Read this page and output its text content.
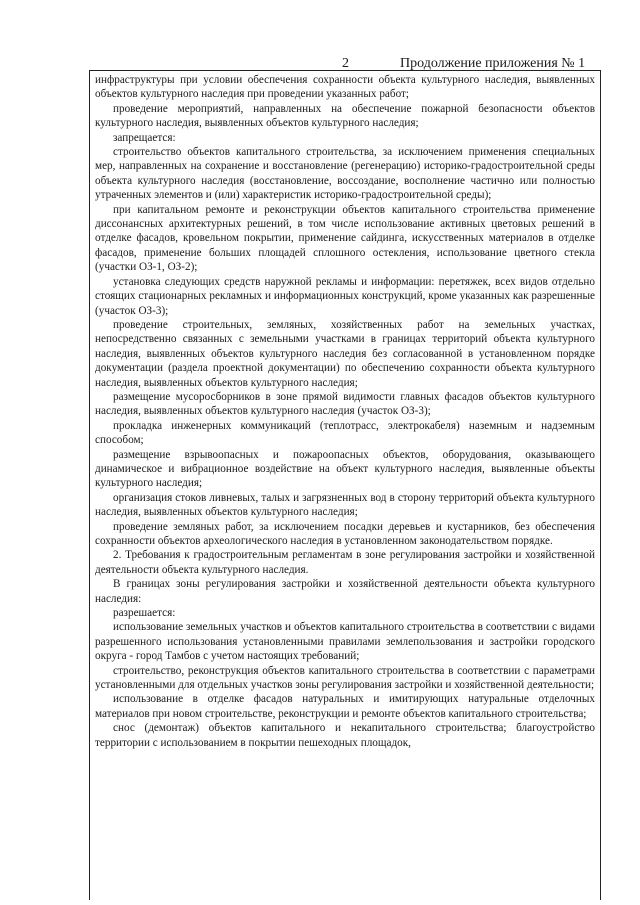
2	Продолжение приложения № 1

инфраструктуры при условии обеспечения сохранности объекта культурного наследия, выявленных объектов культурного наследия при проведении указанных работ;

проведение мероприятий, направленных на обеспечение пожарной безопасности объектов культурного наследия, выявленных объектов культурного наследия;

запрещается:

строительство объектов капитального строительства, за исключением применения специальных мер, направленных на сохранение и восстановление (регенерацию) историко-градостроительной среды объекта культурного наследия (восстановление, воссоздание, восполнение частично или полностью утраченных элементов и (или) характеристик историко-градостроительной среды);

при капитальном ремонте и реконструкции объектов капитального строительства применение диссонансных архитектурных решений, в том числе использование активных цветовых решений в отделке фасадов, кровельном покрытии, применение сайдинга, искусственных материалов в отделке фасадов, применение больших площадей сплошного остекления, использование цветного стекла (участки ОЗ-1, ОЗ-2);

установка следующих средств наружной рекламы и информации: перетяжек, всех видов отдельно стоящих стационарных рекламных и информационных конструкций, кроме указанных как разрешенные (участок ОЗ-3);

проведение строительных, земляных, хозяйственных работ на земельных участках, непосредственно связанных с земельными участками в границах территорий объекта культурного наследия, выявленных объектов культурного наследия без согласованной в установленном порядке документации (раздела проектной документации) по обеспечению сохранности объекта культурного наследия, выявленных объектов культурного наследия;

размещение мусоросборников в зоне прямой видимости главных фасадов объектов культурного наследия, выявленных объектов культурного наследия (участок ОЗ-3);

прокладка инженерных коммуникаций (теплотрасс, электрокабеля) наземным и надземным способом;

размещение взрывоопасных и пожароопасных объектов, оборудования, оказывающего динамическое и вибрационное воздействие на объект культурного наследия, выявленные объекты культурного наследия;

организация стоков ливневых, талых и загрязненных вод в сторону территорий объекта культурного наследия, выявленных объектов культурного наследия;

проведение земляных работ, за исключением посадки деревьев и кустарников, без обеспечения сохранности объектов археологического наследия в установленном законодательством порядке.

2. Требования к градостроительным регламентам в зоне регулирования застройки и хозяйственной деятельности объекта культурного наследия.

В границах зоны регулирования застройки и хозяйственной деятельности объекта культурного наследия:

разрешается:

использование земельных участков и объектов капитального строительства в соответствии с видами разрешенного использования установленными правилами землепользования и застройки городского округа - город Тамбов с учетом настоящих требований;

строительство, реконструкция объектов капитального строительства в соответствии с параметрами установленными для отдельных участков зоны регулирования застройки и хозяйственной деятельности;

использование в отделке фасадов натуральных и имитирующих натуральные отделочных материалов при новом строительстве, реконструкции и ремонте объектов капитального строительства;

снос (демонтаж) объектов капитального и некапитального строительства; благоустройство территории с использованием в покрытии пешеходных площадок,
